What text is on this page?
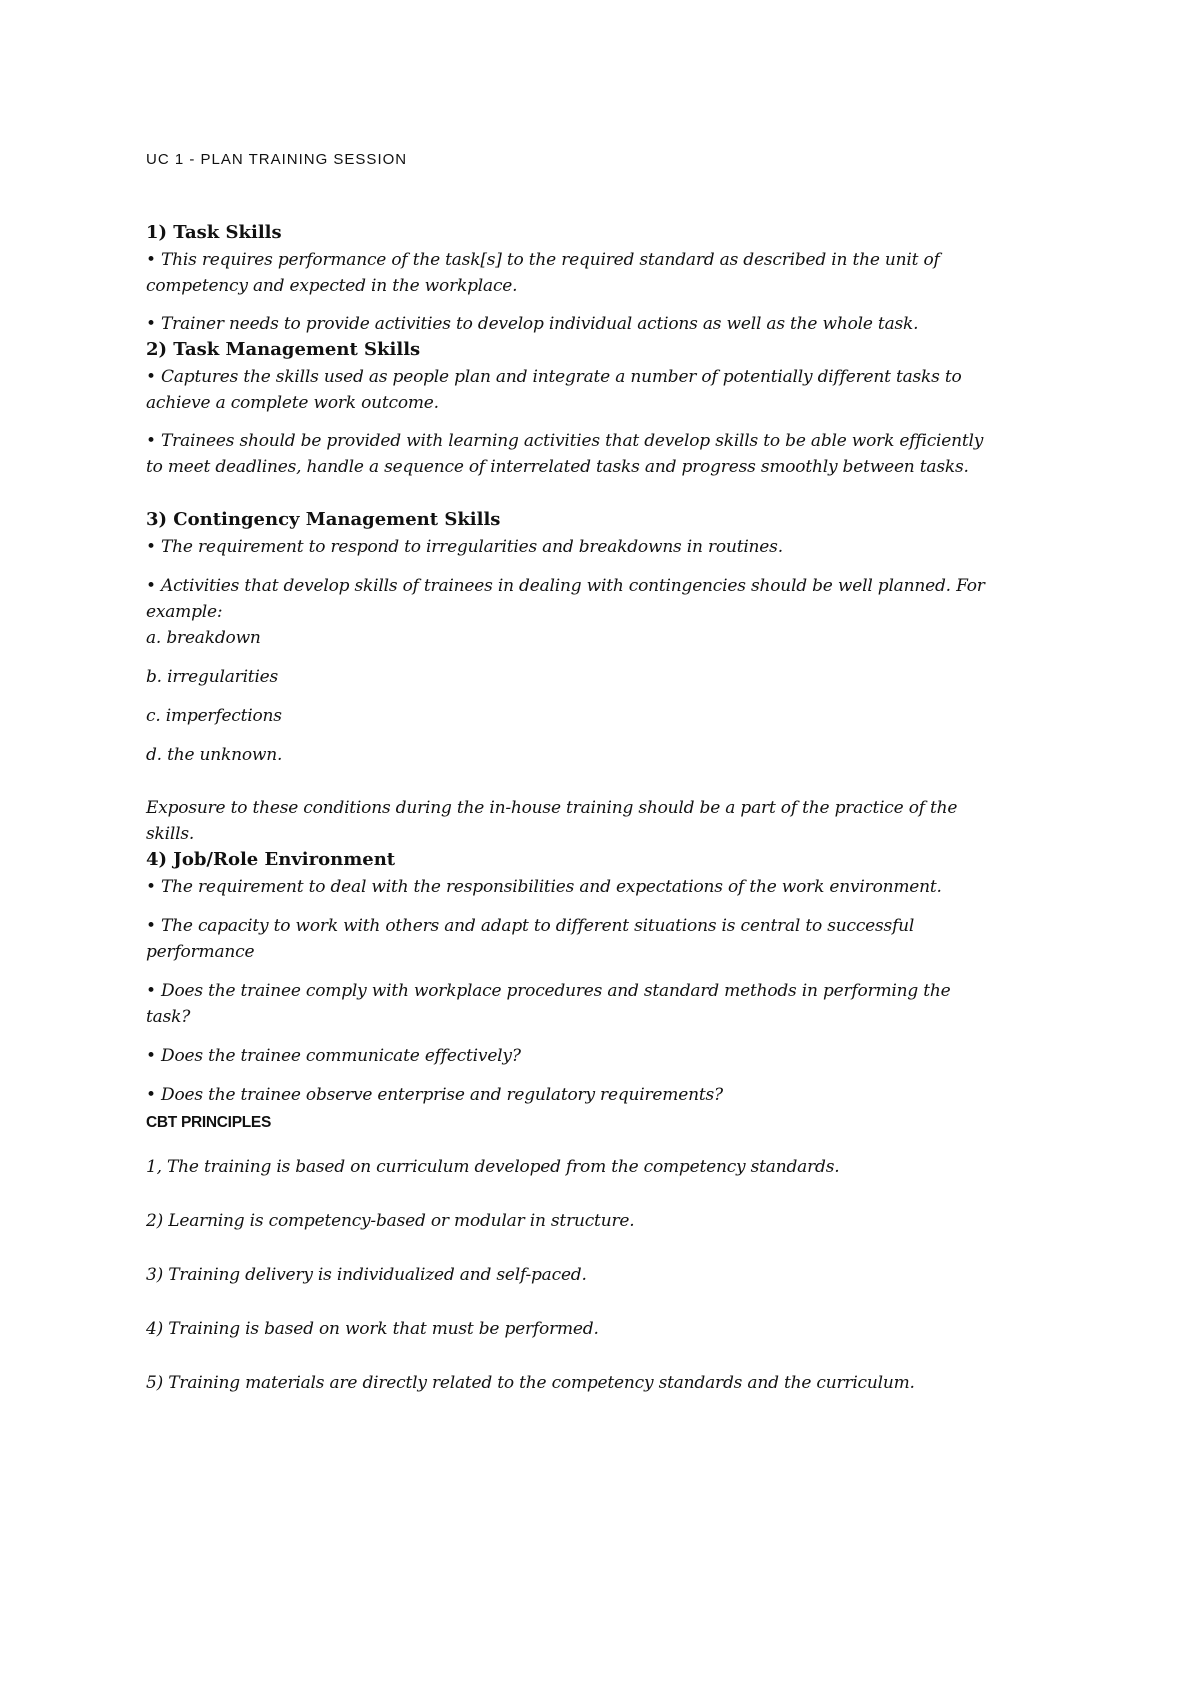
UC 1 - PLAN TRAINING SESSION

1) Task Skills

• This requires performance of the task[s] to the required standard as described in the unit of

competency and expected in the workplace.

• Trainer needs to provide activities to develop individual actions as well as the whole task.

2) Task Management Skills

• Captures the skills used as people plan and integrate a number of potentially different tasks to

achieve a complete work outcome.

• Trainees should be provided with learning activities that develop skills to be able work efficiently

to meet deadlines, handle a sequence of interrelated tasks and progress smoothly between tasks.

3) Contingency Management Skills

• The requirement to respond to irregularities and breakdowns in routines.

• Activities that develop skills of trainees in dealing with contingencies should be well planned. For

example:

a. breakdown

b. irregularities

c. imperfections

d. the unknown.

Exposure to these conditions during the in-house training should be a part of the practice of the

skills.

4) Job/Role Environment

• The requirement to deal with the responsibilities and expectations of the work environment.

• The capacity to work with others and adapt to different situations is central to successful

performance

• Does the trainee comply with workplace procedures and standard methods in performing the

task?

• Does the trainee communicate effectively?

• Does the trainee observe enterprise and regulatory requirements?

CBT PRINCIPLES

1, The training is based on curriculum developed from the competency standards.

2) Learning is competency-based or modular in structure.

3) Training delivery is individualized and self-paced.

4) Training is based on work that must be performed.

5) Training materials are directly related to the competency standards and the curriculum.
